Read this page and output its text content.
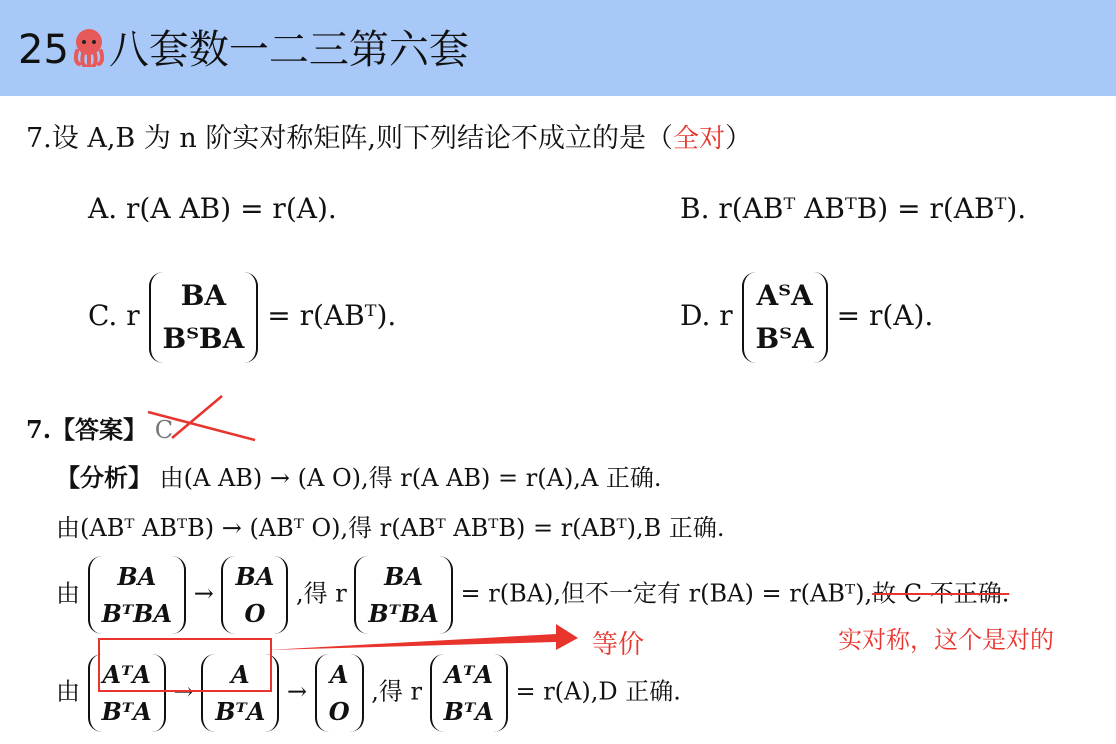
25 八套数一二三第六套
7.设 A,B 为 n 阶实对称矩阵,则下列结论不成立的是（全对）
A. r(A AB) = r(A).	B. r(ABᵀ ABᵀB) = r(ABᵀ).
C. r
BA
BᵀBA
= r(ABᵀ).	D. r
AᵀA
BᵀA
= r(A).
7.【答案】 C
【分析】 由(A AB) → (A O),得 r(A AB) = r(A),A 正确.
由(ABᵀ ABᵀB) → (ABᵀ O),得 r(ABᵀ ABᵀB) = r(ABᵀ),B 正确.
由
BA
BᵀBA
→
BA
O
,得 r
BA
BᵀBA
= r(BA),但不一定有 r(BA) = r(ABᵀ),故 C 不正确.
实对称，这个是对的
由
AᵀA
BᵀA
→
A
BᵀA
→
A
O
,得 r
AᵀA
BᵀA
= r(A),D 正确.
等价
